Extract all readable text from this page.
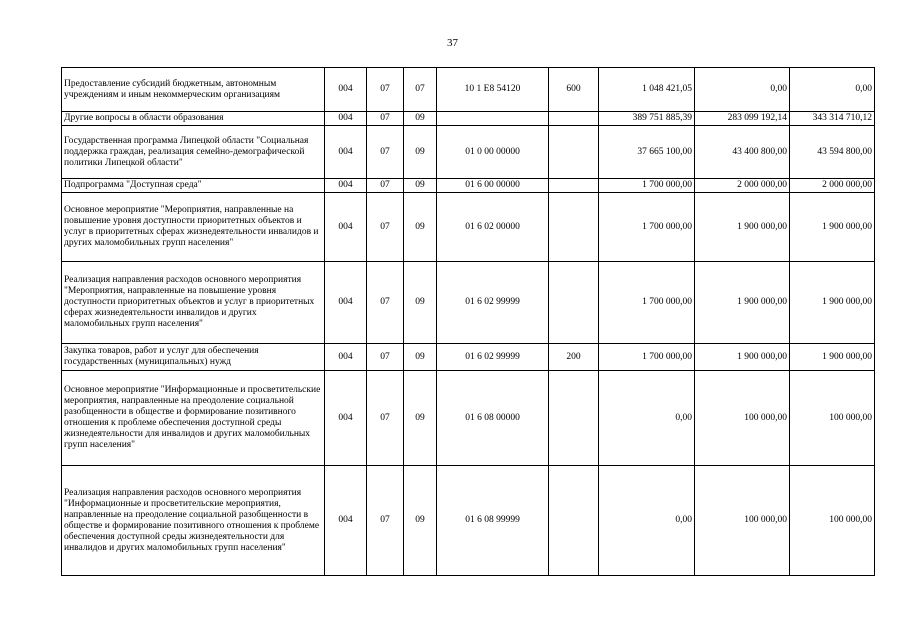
37
Предоставление субсидий бюджетным, автономным учреждениям и иным некоммерческим организациям	004	07	07	10 1 Е8 54120	600	1 048 421,05	0,00	0,00
Другие вопросы в области образования	004	07	09			389 751 885,39	283 099 192,14	343 314 710,12
Государственная программа Липецкой области "Социальная поддержка граждан, реализация семейно-демографической политики Липецкой области"	004	07	09	01 0 00 00000		37 665 100,00	43 400 800,00	43 594 800,00
Подпрограмма "Доступная среда"	004	07	09	01 6 00 00000		1 700 000,00	2 000 000,00	2 000 000,00
Основное мероприятие "Мероприятия, направленные на повышение уровня доступности приоритетных объектов и услуг в приоритетных сферах жизнедеятельности инвалидов и других маломобильных групп населения"	004	07	09	01 6 02 00000		1 700 000,00	1 900 000,00	1 900 000,00
Реализация направления расходов основного мероприятия "Мероприятия, направленные на повышение уровня доступности приоритетных объектов и услуг в приоритетных сферах жизнедеятельности инвалидов и других маломобильных групп населения"	004	07	09	01 6 02 99999		1 700 000,00	1 900 000,00	1 900 000,00
Закупка товаров, работ и услуг для обеспечения государственных (муниципальных) нужд	004	07	09	01 6 02 99999	200	1 700 000,00	1 900 000,00	1 900 000,00
Основное мероприятие "Информационные и просветительские мероприятия, направленные на преодоление социальной разобщенности в обществе и формирование позитивного отношения к проблеме обеспечения доступной среды жизнедеятельности для инвалидов и других маломобильных групп населения"	004	07	09	01 6 08 00000		0,00	100 000,00	100 000,00
Реализация направления расходов основного мероприятия "Информационные и просветительские мероприятия, направленные на преодоление социальной разобщенности в обществе и формирование позитивного отношения к проблеме обеспечения доступной среды жизнедеятельности для инвалидов и других маломобильных групп населения"	004	07	09	01 6 08 99999		0,00	100 000,00	100 000,00
